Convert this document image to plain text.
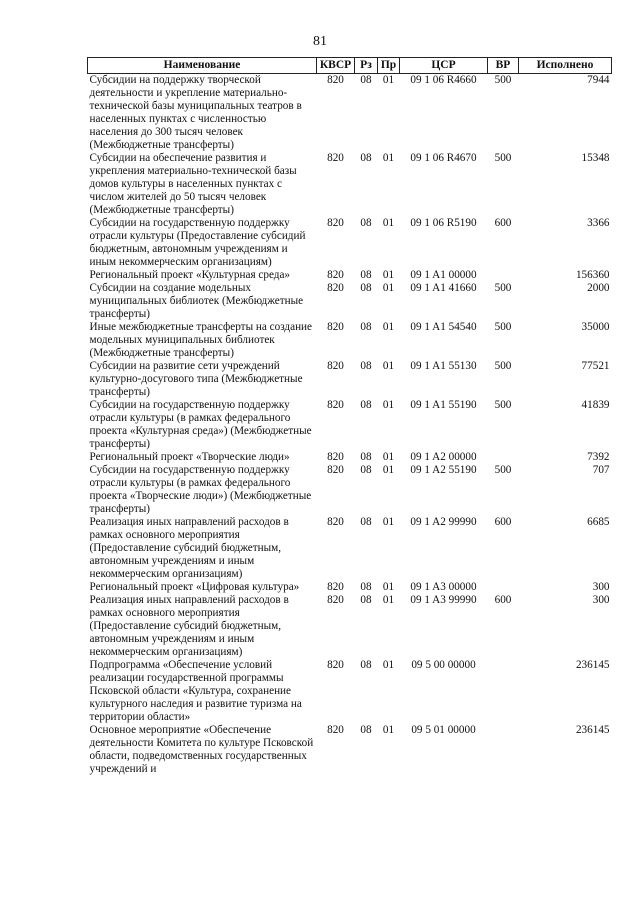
81
Наименование	КВСР	Рз	Пр	ЦСР	ВР	Исполнено
Субсидии на поддержку творческой деятельности и укрепление материально-технической базы муниципальных театров в населенных пунктах с численностью населения до 300 тысяч человек (Межбюджетные трансферты)	820	08	01	09 1 06 R4660	500	7944
Субсидии на обеспечение развития и укрепления материально-технической базы домов культуры в населенных пунктах с числом жителей до 50 тысяч человек (Межбюджетные трансферты)	820	08	01	09 1 06 R4670	500	15348
Субсидии на государственную поддержку отрасли культуры (Предоставление субсидий бюджетным, автономным учреждениям и иным некоммерческим организациям)	820	08	01	09 1 06 R5190	600	3366
Региональный проект «Культурная среда»	820	08	01	09 1 A1 00000		156360
Субсидии на создание модельных муниципальных библиотек (Межбюджетные трансферты)	820	08	01	09 1 A1 41660	500	2000
Иные межбюджетные трансферты на создание модельных муниципальных библиотек (Межбюджетные трансферты)	820	08	01	09 1 A1 54540	500	35000
Субсидии на развитие сети учреждений культурно-досугового типа (Межбюджетные трансферты)	820	08	01	09 1 A1 55130	500	77521
Субсидии на государственную поддержку отрасли культуры (в рамках федерального проекта «Культурная среда») (Межбюджетные трансферты)	820	08	01	09 1 A1 55190	500	41839
Региональный проект «Творческие люди»	820	08	01	09 1 A2 00000		7392
Субсидии на государственную поддержку отрасли культуры (в рамках федерального проекта «Творческие люди») (Межбюджетные трансферты)	820	08	01	09 1 A2 55190	500	707
Реализация иных направлений расходов в рамках основного мероприятия (Предоставление субсидий бюджетным, автономным учреждениям и иным некоммерческим организациям)	820	08	01	09 1 A2 99990	600	6685
Региональный проект «Цифровая культура»	820	08	01	09 1 A3 00000		300
Реализация иных направлений расходов в рамках основного мероприятия (Предоставление субсидий бюджетным, автономным учреждениям и иным некоммерческим организациям)	820	08	01	09 1 A3 99990	600	300
Подпрограмма «Обеспечение условий реализации государственной программы Псковской области «Культура, сохранение культурного наследия и развитие туризма на территории области»	820	08	01	09 5 00 00000		236145
Основное мероприятие «Обеспечение деятельности Комитета по культуре Псковской области, подведомственных государственных учреждений и	820	08	01	09 5 01 00000		236145
